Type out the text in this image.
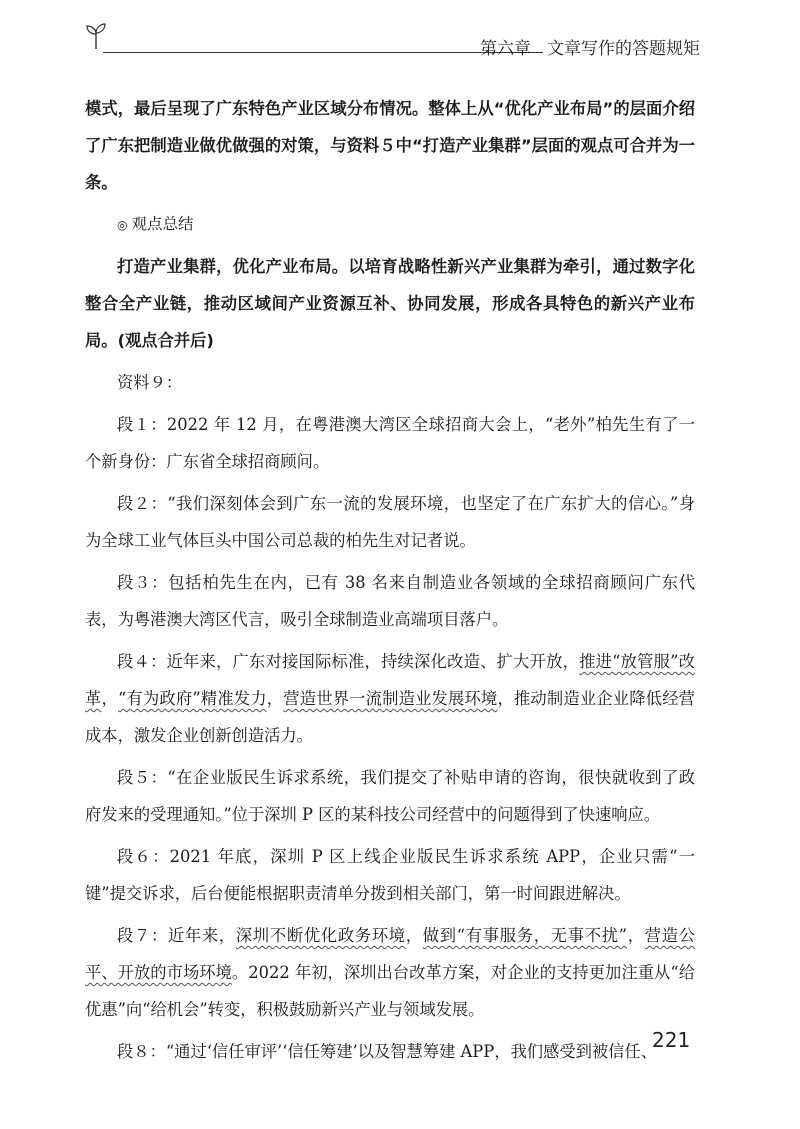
第六章 文章写作的答题规矩

模式，最后呈现了广东特色产业区域分布情况。整体上从“优化产业布局”的层面介绍了广东把制造业做优做强的对策，与资料５中“打造产业集群”层面的观点可合并为一条。

◎ 观点总结

打造产业集群，优化产业布局。以培育战略性新兴产业集群为牵引，通过数字化整合全产业链，推动区域间产业资源互补、协同发展，形成各具特色的新兴产业布局。(观点合并后)

资料９：

段１：2022 年 12 月，在粤港澳大湾区全球招商大会上，“老外”柏先生有了一个新身份：广东省全球招商顾问。

段２：“我们深刻体会到广东一流的发展环境，也坚定了在广东扩大的信心。”身为全球工业气体巨头中国公司总裁的柏先生对记者说。

段３：包括柏先生在内，已有 38 名来自制造业各领域的全球招商顾问广东代表，为粤港澳大湾区代言，吸引全球制造业高端项目落户。

段４：近年来，广东对接国际标准，持续深化改造、扩大开放，推进“放管服”改革，“有为政府”精准发力，营造世界一流制造业发展环境，推动制造业企业降低经营成本，激发企业创新创造活力。

段５：“在企业版民生诉求系统，我们提交了补贴申请的咨询，很快就收到了政府发来的受理通知。”位于深圳 P 区的某科技公司经营中的问题得到了快速响应。

段６：2021 年底，深圳 P 区上线企业版民生诉求系统 APP，企业只需“一键”提交诉求，后台便能根据职责清单分拨到相关部门，第一时间跟进解决。

段７：近年来，深圳不断优化政务环境，做到“有事服务，无事不扰”，营造公平、开放的市场环境。2022 年初，深圳出台改革方案，对企业的支持更加注重从“给优惠”向“给机会”转变，积极鼓励新兴产业与领域发展。

段８：“通过‘信任审评’‘信任筹建’以及智慧筹建 APP，我们感受到被信任、

221
